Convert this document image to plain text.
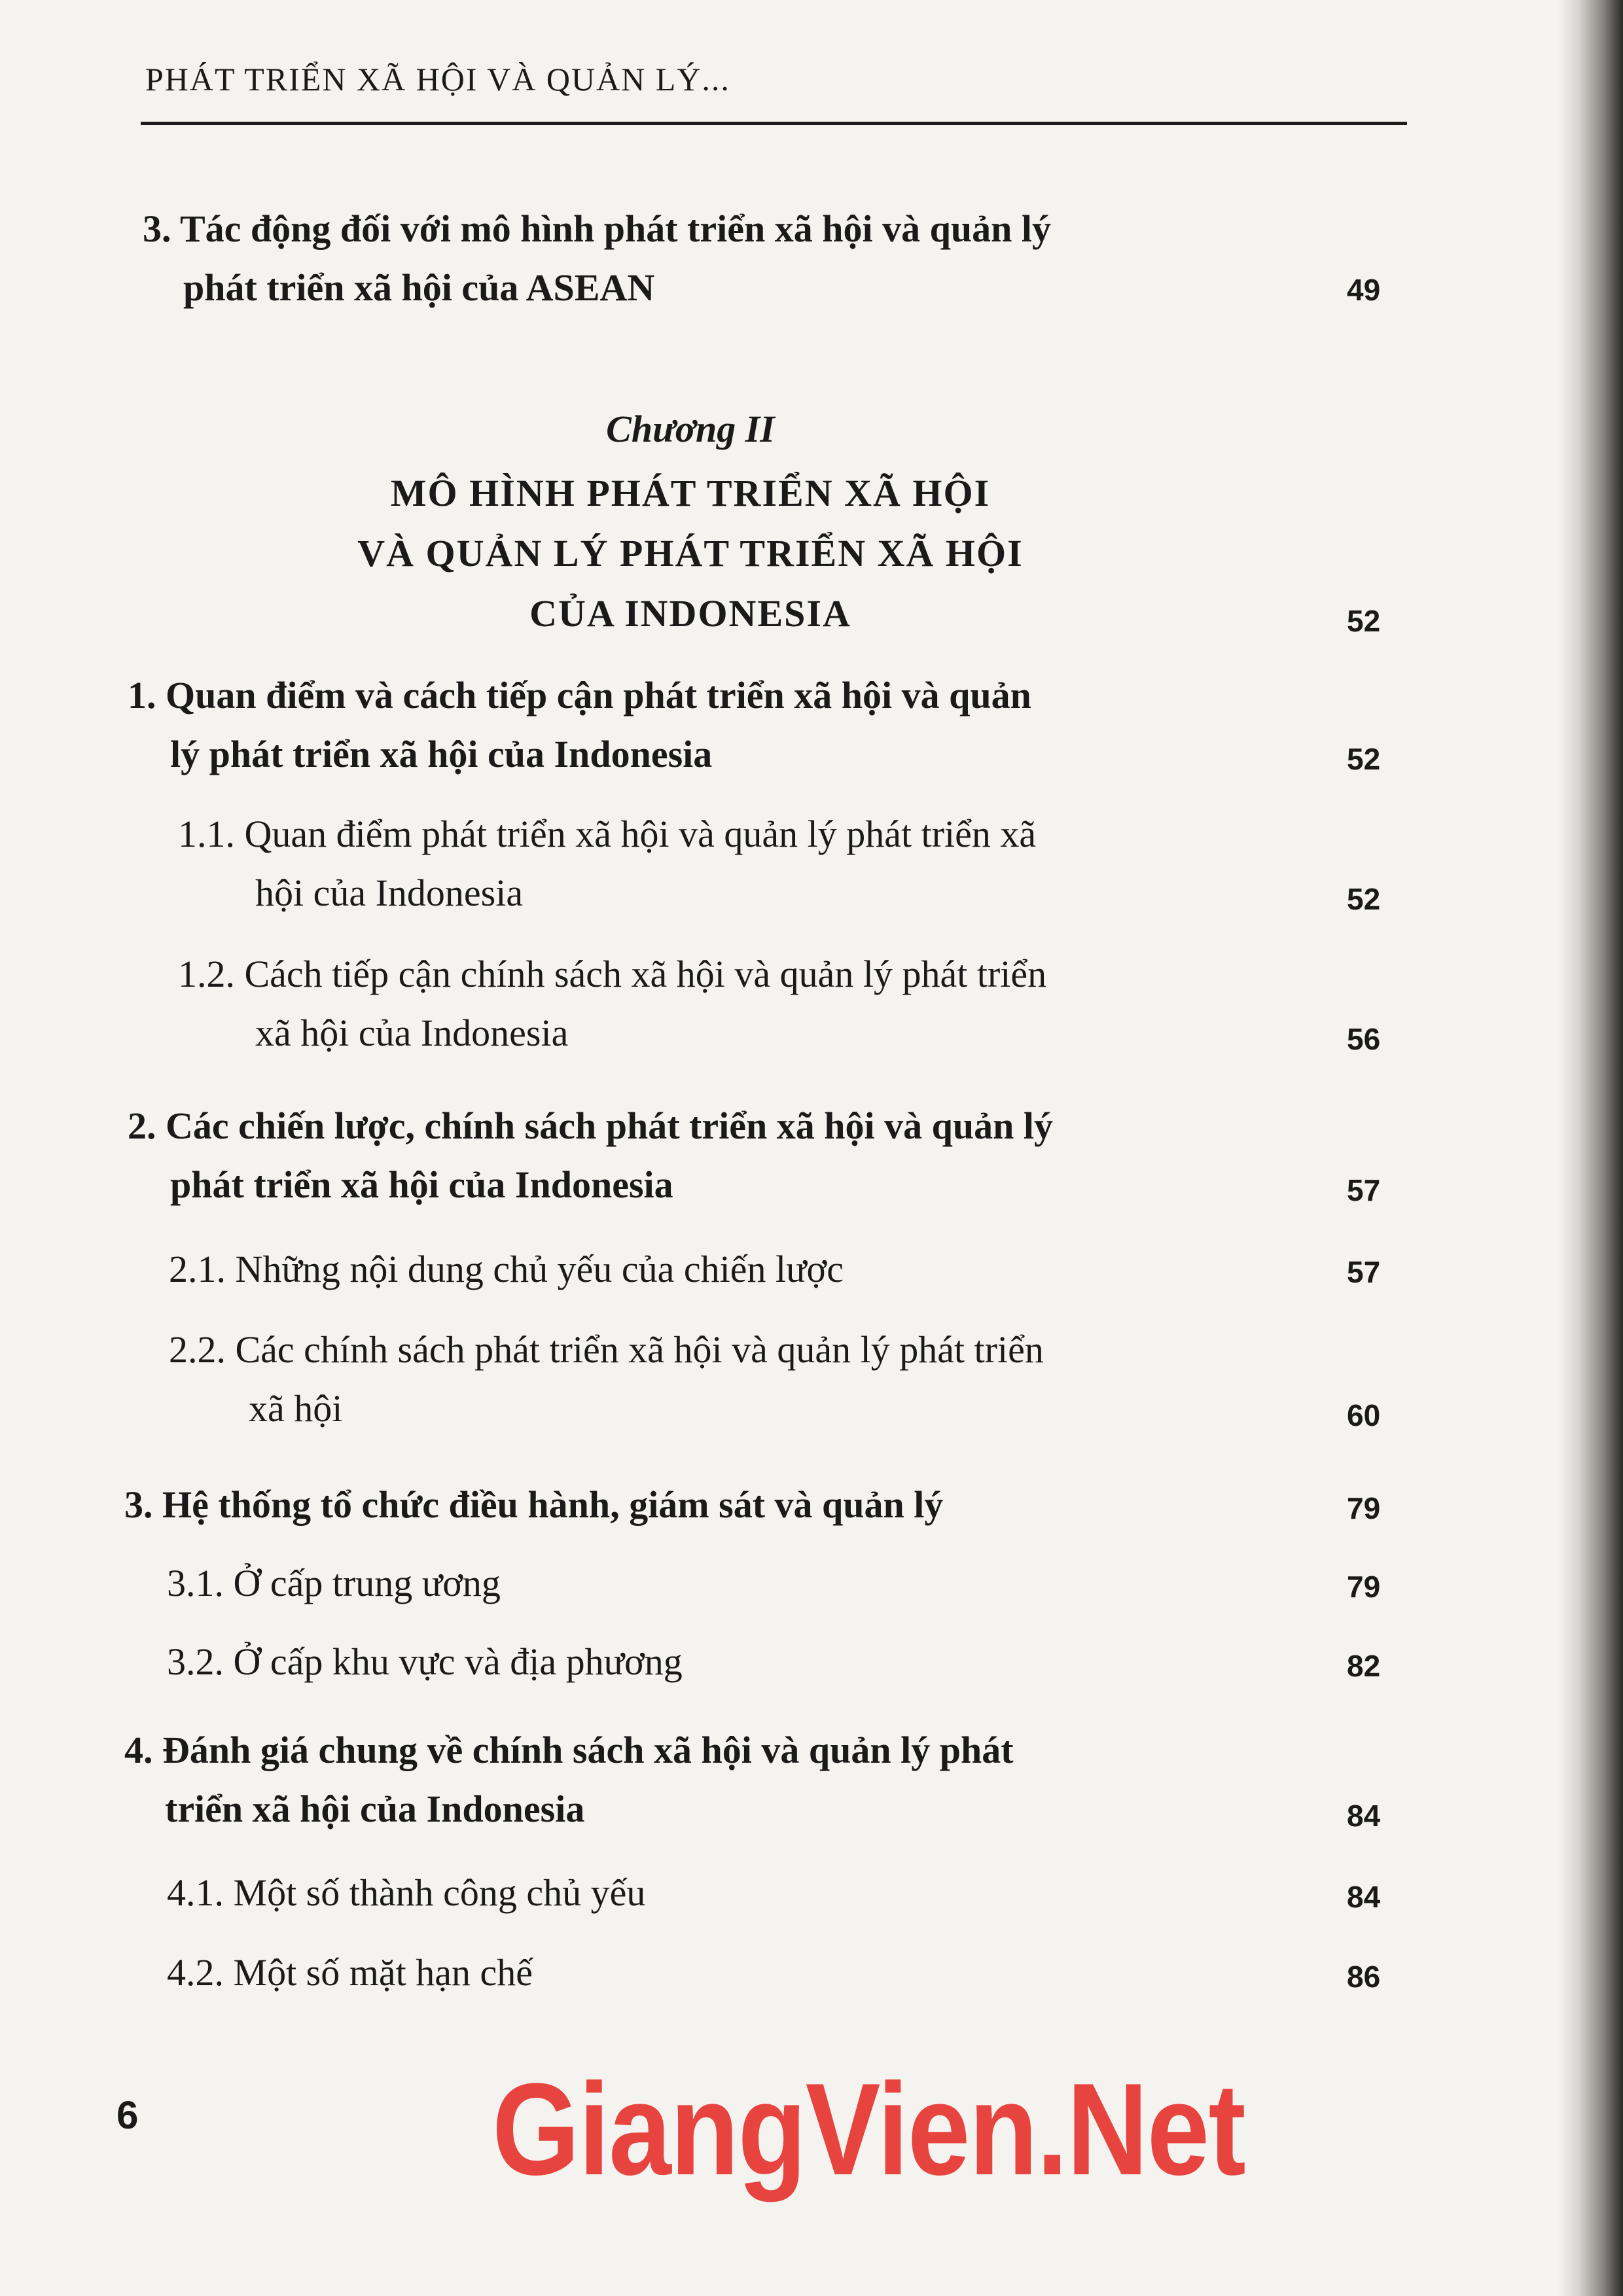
PHÁT TRIỂN XÃ HỘI VÀ QUẢN LÝ...
3. Tác động đối với mô hình phát triển xã hội và quản lý
phát triển xã hội của ASEAN	49
Chương II
MÔ HÌNH PHÁT TRIỂN XÃ HỘI
VÀ QUẢN LÝ PHÁT TRIỂN XÃ HỘI
CỦA INDONESIA	52
1. Quan điểm và cách tiếp cận phát triển xã hội và quản
lý phát triển xã hội của Indonesia	52
1.1. Quan điểm phát triển xã hội và quản lý phát triển xã
hội của Indonesia	52
1.2. Cách tiếp cận chính sách xã hội và quản lý phát triển
xã hội của Indonesia	56
2. Các chiến lược, chính sách phát triển xã hội và quản lý
phát triển xã hội của Indonesia	57
2.1. Những nội dung chủ yếu của chiến lược	57
2.2. Các chính sách phát triển xã hội và quản lý phát triển
xã hội	60
3. Hệ thống tổ chức điều hành, giám sát và quản lý	79
3.1. Ở cấp trung ương	79
3.2. Ở cấp khu vực và địa phương	82
4. Đánh giá chung về chính sách xã hội và quản lý phát
triển xã hội của Indonesia	84
4.1. Một số thành công chủ yếu	84
4.2. Một số mặt hạn chế	86
6	GiangVien.Net
